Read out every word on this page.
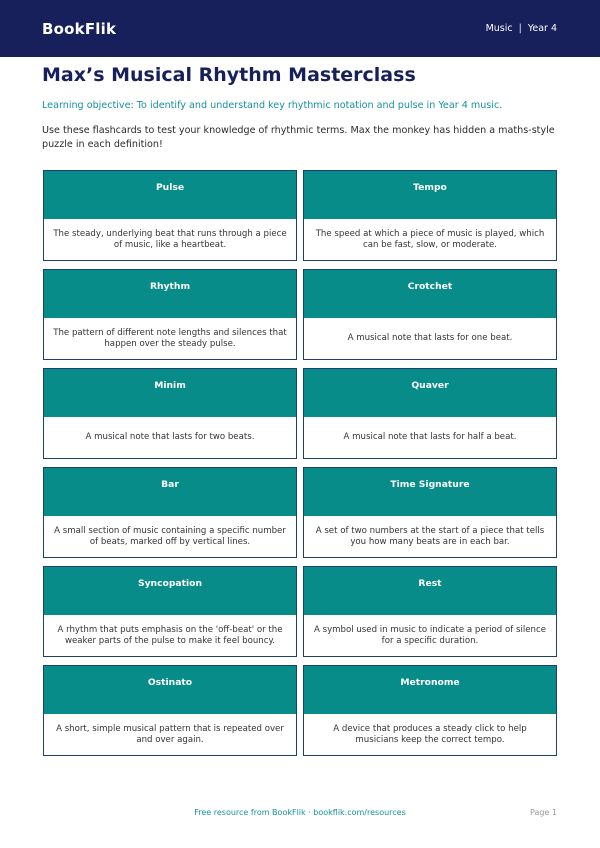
BookFlik	Music | Year 4
Max’s Musical Rhythm Masterclass

Learning objective: To identify and understand key rhythmic notation and pulse in Year 4 music.

Use these flashcards to test your knowledge of rhythmic terms. Max the monkey has hidden a maths-style puzzle in each definition!

Pulse
The steady, underlying beat that runs through a piece of music, like a heartbeat.
Tempo
The speed at which a piece of music is played, which can be fast, slow, or moderate.
Rhythm
The pattern of different note lengths and silences that happen over the steady pulse.
Crotchet
A musical note that lasts for one beat.
Minim
A musical note that lasts for two beats.
Quaver
A musical note that lasts for half a beat.
Bar
A small section of music containing a specific number of beats, marked off by vertical lines.
Time Signature
A set of two numbers at the start of a piece that tells you how many beats are in each bar.
Syncopation
A rhythm that puts emphasis on the 'off-beat' or the weaker parts of the pulse to make it feel bouncy.
Rest
A symbol used in music to indicate a period of silence for a specific duration.
Ostinato
A short, simple musical pattern that is repeated over and over again.
Metronome
A device that produces a steady click to help musicians keep the correct tempo.
Free resource from BookFlik · bookflik.com/resources	Page 1
